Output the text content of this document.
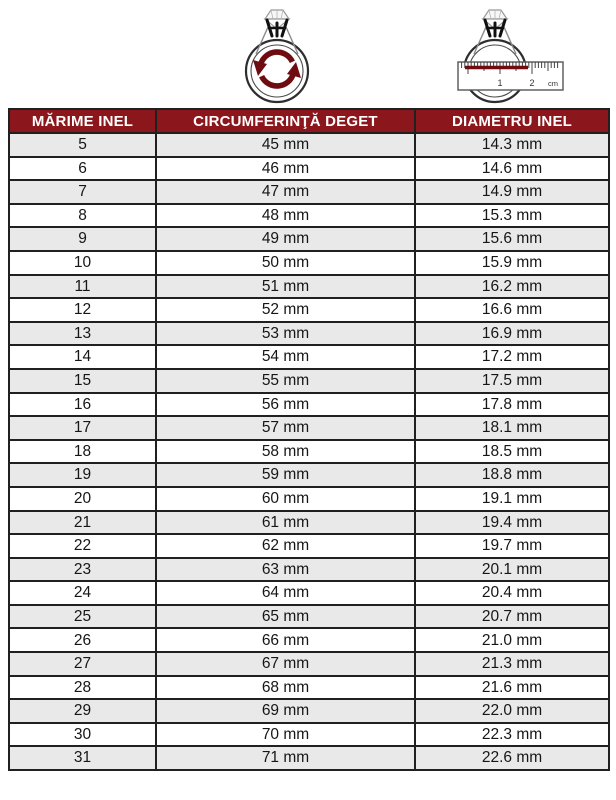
1	2 cm
MĂRIME INEL	CIRCUMFERINŢĂ DEGET	DIAMETRU INEL
5	45 mm	14.3 mm
6	46 mm	14.6 mm
7	47 mm	14.9 mm
8	48 mm	15.3 mm
9	49 mm	15.6 mm
10	50 mm	15.9 mm
11	51 mm	16.2 mm
12	52 mm	16.6 mm
13	53 mm	16.9 mm
14	54 mm	17.2 mm
15	55 mm	17.5 mm
16	56 mm	17.8 mm
17	57 mm	18.1 mm
18	58 mm	18.5 mm
19	59 mm	18.8 mm
20	60 mm	19.1 mm
21	61 mm	19.4 mm
22	62 mm	19.7 mm
23	63 mm	20.1 mm
24	64 mm	20.4 mm
25	65 mm	20.7 mm
26	66 mm	21.0 mm
27	67 mm	21.3 mm
28	68 mm	21.6 mm
29	69 mm	22.0 mm
30	70 mm	22.3 mm
31	71 mm	22.6 mm
